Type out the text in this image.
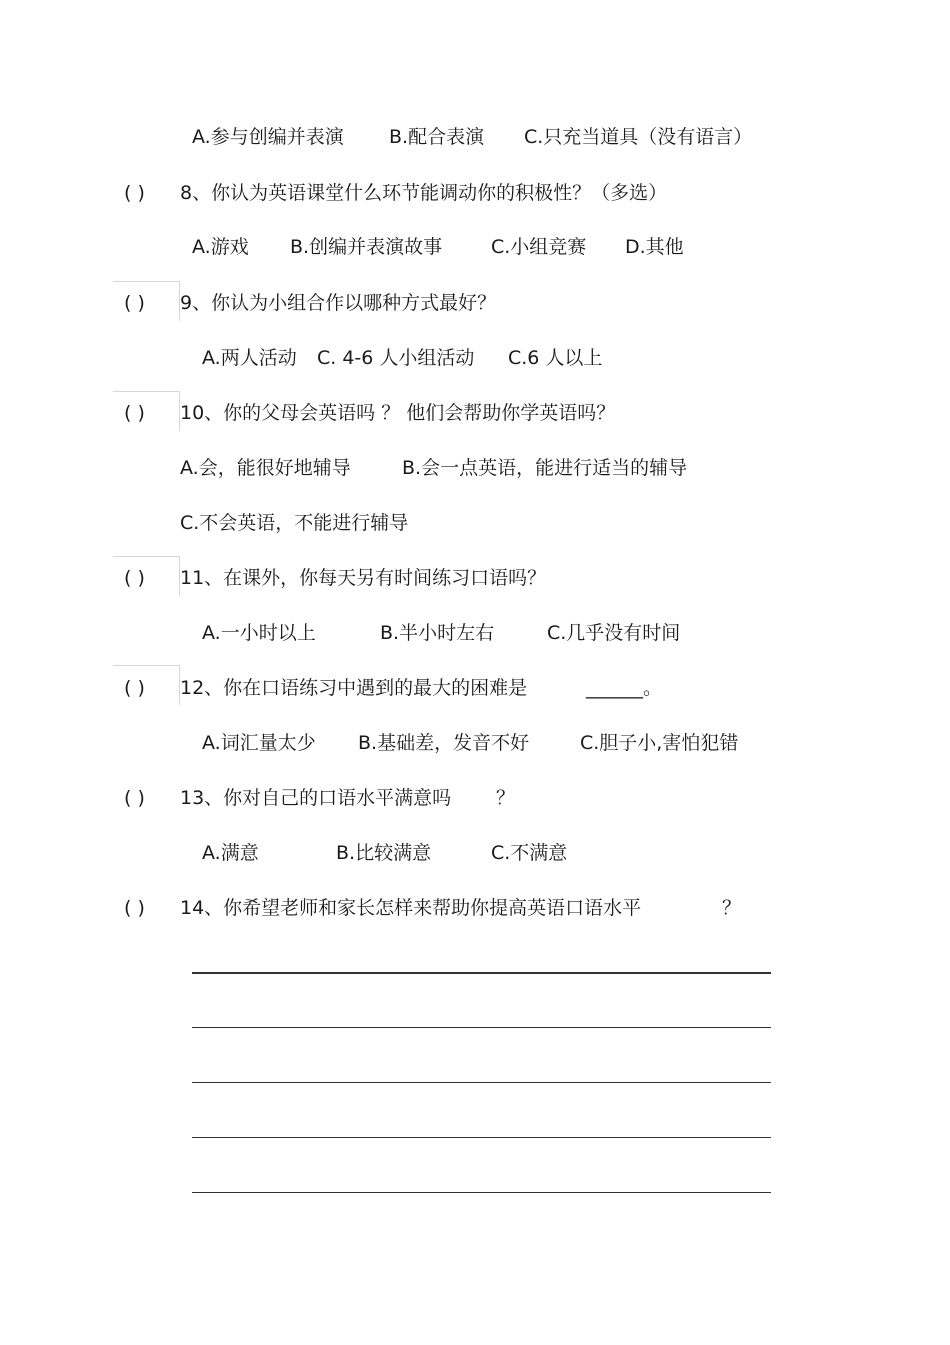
A.参与创编并表演 B.配合表演 C.只充当道具（没有语言）
( ) 8、你认为英语课堂什么环节能调动你的积极性？（多选）
A.游戏 B.创编并表演故事	C.小组竞赛 D.其他
( ) 9、你认为小组合作以哪种方式最好？
A.两人活动 C. 4-6 人小组活动 C.6 人以上
( ) 10、你的父母会英语吗 ？ 他们会帮助你学英语吗？
A.会，能很好地辅导	B.会一点英语，能进行适当的辅导
C.不会英语，不能进行辅导
( ) 11、在课外，你每天另有时间练习口语吗？
A.一小时以上	B.半小时左右	C.几乎没有时间
( ) 12、你在口语练习中遇到的最大的困难是	______。
A.词汇量太少 B.基础差，发音不好	C.胆子小,害怕犯错
( ) 13、你对自己的口语水平满意吗 ？
A.满意	B.比较满意	C.不满意
( ) 14、你希望老师和家长怎样来帮助你提高英语口语水平	？
